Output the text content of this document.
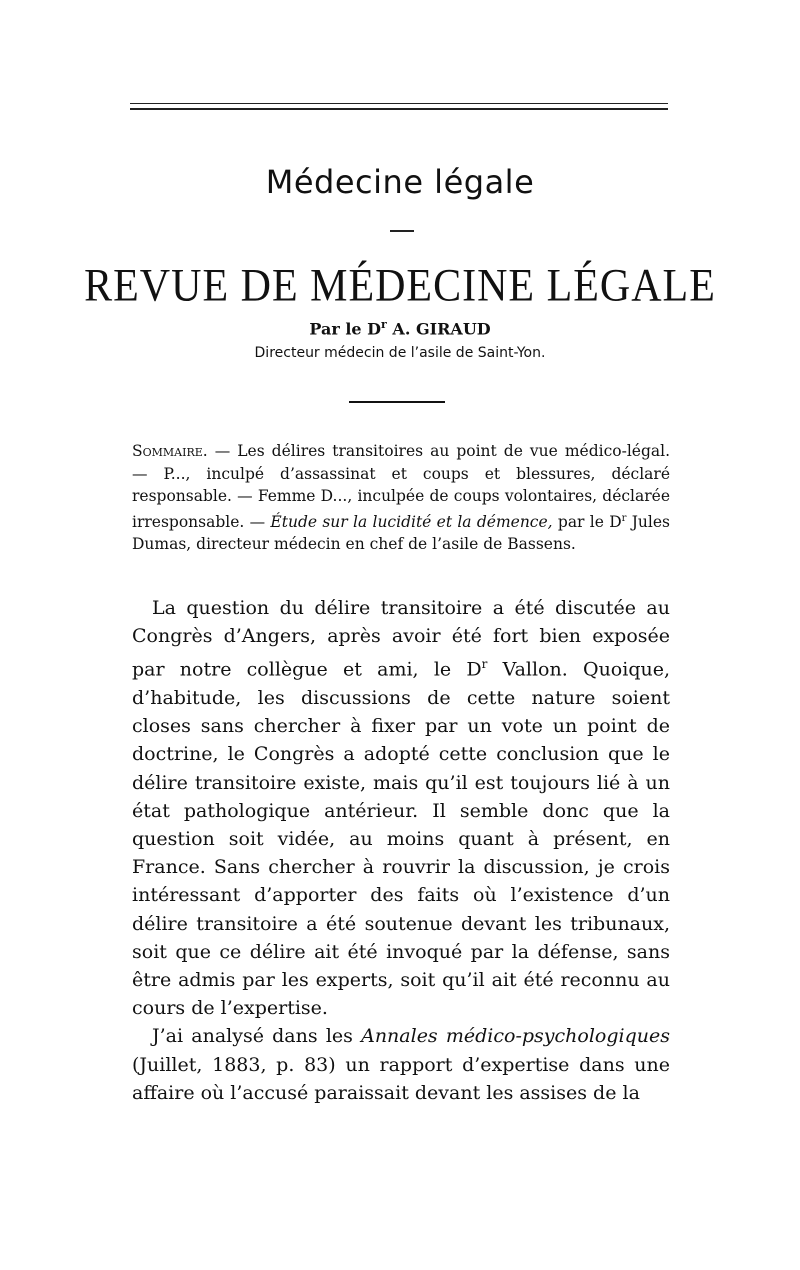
Médecine légale
REVUE DE MÉDECINE LÉGALE
Par le $D^r$ A. GIRAUD
Directeur médecin de l’asile de Saint-Yon.
Sommaire. — Les délires transitoires au point de vue médico-légal. — P..., inculpé d’assassinat et coups et blessures, déclaré responsable. — Femme D..., inculpée de coups volontaires, déclarée irresponsable. — Étude sur la lucidité et la démence, par le $D^r$ Jules Dumas, directeur médecin en chef de l’asile de Bassens.

La question du délire transitoire a été discutée au Congrès d’Angers, après avoir été fort bien exposée par notre collègue et ami, le $D^r$ Vallon. Quoique, d’habitude, les discussions de cette nature soient closes sans chercher à fixer par un vote un point de doctrine, le Congrès a adopté cette conclusion que le délire transitoire existe, mais qu’il est toujours lié à un état pathologique antérieur. Il semble donc que la question soit vidée, au moins quant à présent, en France. Sans chercher à rouvrir la discussion, je crois intéressant d’apporter des faits où l’existence d’un délire transitoire a été soutenue devant les tribunaux, soit que ce délire ait été invoqué par la défense, sans être admis par les experts, soit qu’il ait été reconnu au cours de l’expertise.

J’ai analysé dans les Annales médico-psychologiques (Juillet, 1883, p. 83) un rapport d’expertise dans une affaire où l’accusé paraissait devant les assises de la
